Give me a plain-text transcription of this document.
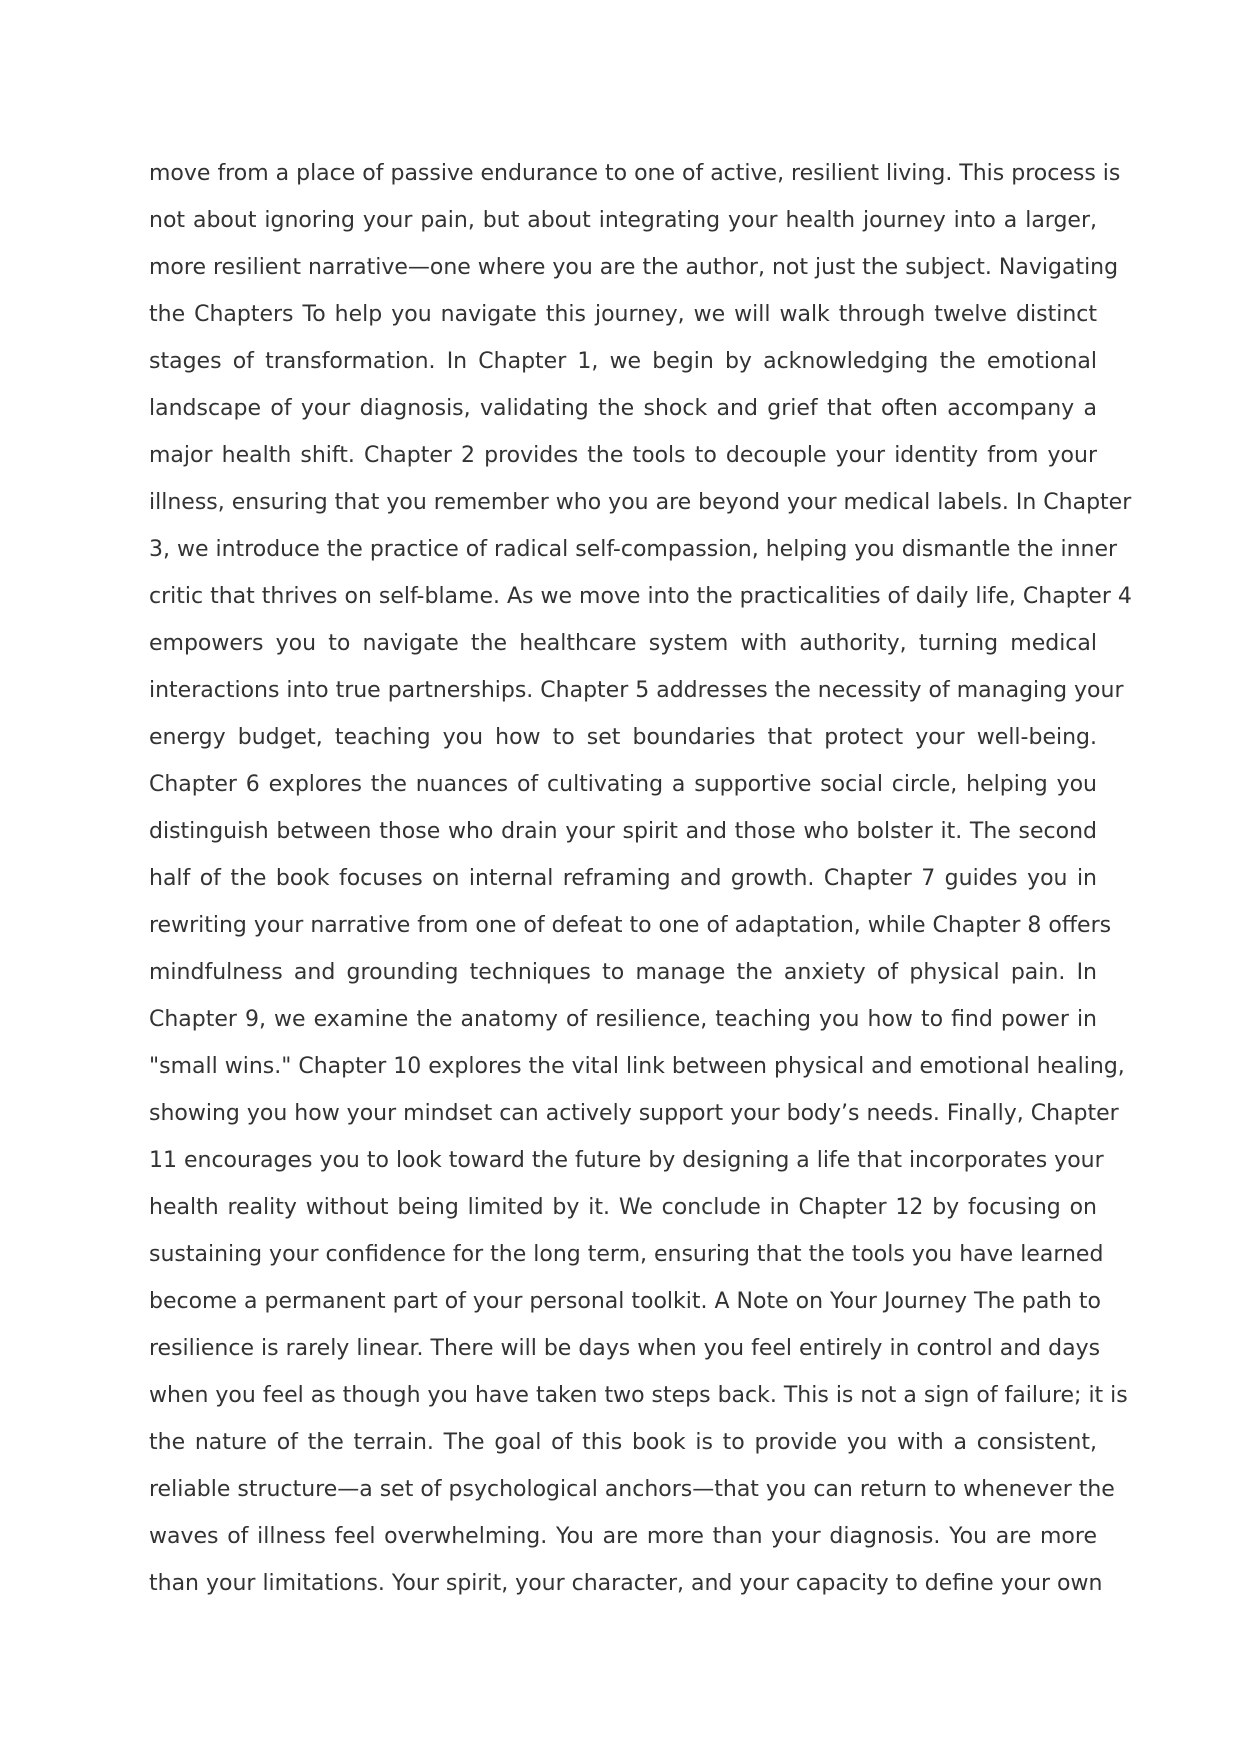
move from a place of passive endurance to one of active, resilient living. This process is
not about ignoring your pain, but about integrating your health journey into a larger,
more resilient narrative—one where you are the author, not just the subject. Navigating
the Chapters To help you navigate this journey, we will walk through twelve distinct
stages of transformation. In Chapter 1, we begin by acknowledging the emotional
landscape of your diagnosis, validating the shock and grief that often accompany a
major health shift. Chapter 2 provides the tools to decouple your identity from your
illness, ensuring that you remember who you are beyond your medical labels. In Chapter
3, we introduce the practice of radical self-compassion, helping you dismantle the inner
critic that thrives on self-blame. As we move into the practicalities of daily life, Chapter 4
empowers you to navigate the healthcare system with authority, turning medical
interactions into true partnerships. Chapter 5 addresses the necessity of managing your
energy budget, teaching you how to set boundaries that protect your well-being.
Chapter 6 explores the nuances of cultivating a supportive social circle, helping you
distinguish between those who drain your spirit and those who bolster it. The second
half of the book focuses on internal reframing and growth. Chapter 7 guides you in
rewriting your narrative from one of defeat to one of adaptation, while Chapter 8 offers
mindfulness and grounding techniques to manage the anxiety of physical pain. In
Chapter 9, we examine the anatomy of resilience, teaching you how to find power in
"small wins." Chapter 10 explores the vital link between physical and emotional healing,
showing you how your mindset can actively support your body’s needs. Finally, Chapter
11 encourages you to look toward the future by designing a life that incorporates your
health reality without being limited by it. We conclude in Chapter 12 by focusing on
sustaining your confidence for the long term, ensuring that the tools you have learned
become a permanent part of your personal toolkit. A Note on Your Journey The path to
resilience is rarely linear. There will be days when you feel entirely in control and days
when you feel as though you have taken two steps back. This is not a sign of failure; it is
the nature of the terrain. The goal of this book is to provide you with a consistent,
reliable structure—a set of psychological anchors—that you can return to whenever the
waves of illness feel overwhelming. You are more than your diagnosis. You are more
than your limitations. Your spirit, your character, and your capacity to define your own
